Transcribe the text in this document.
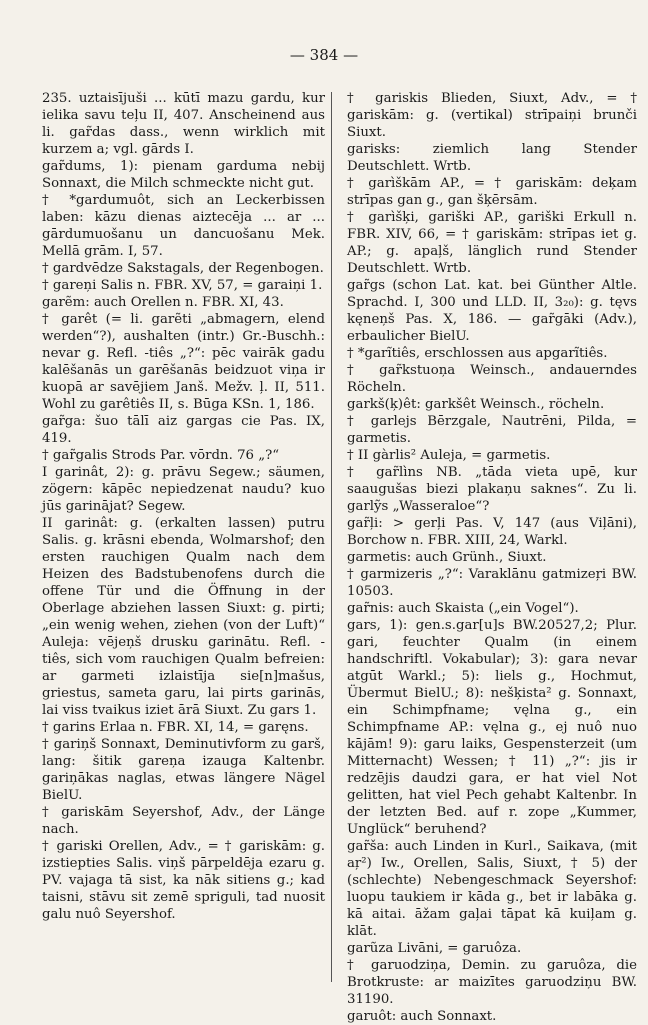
— 384 —

235. uztaisījuši ... kūtī mazu gardu, kur ielika savu teļu II, 407. Anscheinend aus li. gar̃das dass., wenn wirklich mit kurzem a; vgl. gārds I.

gar̃dums, 1): pienam garduma nebij Sonnaxt, die Milch schmeckte nicht gut.

† *gardumuôt, sich an Leckerbissen laben: kāzu dienas aiztecēja ... ar ... gārdumuošanu un dancuošanu Mek. Mellā grām. I, 57.

† gardvēdze Sakstagals, der Regenbogen.

† gareņi Salis n. FBR. XV, 57, = garaiņi 1.

garẽm: auch Orellen n. FBR. XI, 43.

† garêt (= li. garẽti „abmagern, elend werden“?), aushalten (intr.) Gr.-Buschh.: nevar g. Refl. -tiês „?“: pēc vairāk gadu kalēšanās un garēšanās beidzuot viņa ir kuopā ar savējiem Janš. Mežv. ļ. II, 511. Wohl zu garêtiês II, s. Būga KSn. 1, 186.

gar̃ga: šuo tālī aiz gargas cie Pas. IX, 419.

† gar̃galis Strods Par. vōrdn. 76 „?“

I garinât, 2): g. prāvu Segew.; säumen, zögern: kāpēc nepiedzenat naudu? kuo jūs garinājat? Segew.

II garinât: g. (erkalten lassen) putru Salis. g. krāsni ebenda, Wolmarshof; den ersten rauchigen Qualm nach dem Heizen des Badstubenofens durch die offene Tür und die Öffnung in der Oberlage abziehen lassen Siuxt: g. pirti; „ein wenig wehen, ziehen (von der Luft)“ Auleja: vējeņš drusku garinātu. Refl. -tiês, sich vom rauchigen Qualm befreien: ar garmeti izlaistīja sie[n]mašus, griestus, sameta garu, lai pirts garinās, lai viss tvaikus iziet ārā Siuxt. Zu gars 1.

† garins Erlaa n. FBR. XI, 14, = garęns.

† gariņš Sonnaxt, Deminutivform zu garš, lang: šitik gareņa izauga Kaltenbr. gariņākas naglas, etwas längere Nägel BielU.

† gariskām Seyershof, Adv., der Länge nach.

† gariski Orellen, Adv., = † gariskām: g. izstiepties Salis. viņš pārpeldēja ezaru g. PV. vajaga tā sist, ka nāk sitiens g.; kad taisni, stāvu sit zemē spriguli, tad nuosit galu nuô Seyershof.

† gariskis Blieden, Siuxt, Adv., = † gariskām: g. (vertikal) strīpaiņi brunči Siuxt.

garisks: ziemlich lang Stender Deutschlett. Wrtb.

† garìškām AP., = † gariskām: deķam strīpas gan g., gan šķērsām.

† garìšķi, gariški AP., gariški Erkull n. FBR. XIV, 66, = † gariskām: strīpas iet g. AP.; g. apaļš, länglich rund Stender Deutschlett. Wrtb.

gar̃gs (schon Lat. kat. bei Günther Altle. Sprachd. I, 300 und LLD. II, 3₂₀): g. tęvs kęneņš Pas. X, 186. — gar̃gāki (Adv.), erbaulicher BielU.

† *garĩtiês, erschlossen aus apgarĩtiês.

† gar̃kstuoņa Weinsch., andauerndes Röcheln.

garkš(ķ)êt: garkšêt Weinsch., röcheln.

† garlejs Bērzgale, Nautrēni, Pilda, = garmetis.

† II gàrlis² Auleja, = garmetis.

† gar̃lìns NB. „tāda vieta upē, kur saaugušas biezi plakaņu saknes“. Zu li. garlỹs „Wasseraloe“?

gar̃ļi: > gerļi Pas. V, 147 (aus Viļāni), Borchow n. FBR. XIII, 24, Warkl.

garmetis: auch Grünh., Siuxt.

† garmizeris „?“: Varaklānu gatmizeŗi BW. 10503.

gar̃nis: auch Skaista („ein Vogel“).

gars, 1): gen.s.gar[u]s BW.20527,2; Plur. gari, feuchter Qualm (in einem handschriftl. Vokabular); 3): gara nevar atgūt Warkl.; 5): liels g., Hochmut, Übermut BielU.; 8): nešķista² g. Sonnaxt, ein Schimpfname; vęlna g., ein Schimpfname AP.: vęlna g., ej nuô nuo kājām! 9): garu laiks, Gespensterzeit (um Mitternacht) Wessen; † 11) „?“: jis ir redzējis daudzi gara, er hat viel Not gelitten, hat viel Pech gehabt Kaltenbr. In der letzten Bed. auf r. zope „Kummer, Unglück“ beruhend?

gar̃ša: auch Linden in Kurl., Saikava, (mit aŗ²) Iw., Orellen, Salis, Siuxt, † 5) der (schlechte) Nebengeschmack Seyershof: luopu taukiem ir kāda g., bet ir labāka g. kā aitai. āžam gaļai tāpat kā kuiļam g. klāt.

garũza Livāni, = garuôza.

† garuodziņa, Demin. zu garuôza, die Brotkruste: ar maizītes garuodziņu BW. 31190.

garuôt: auch Sonnaxt.
